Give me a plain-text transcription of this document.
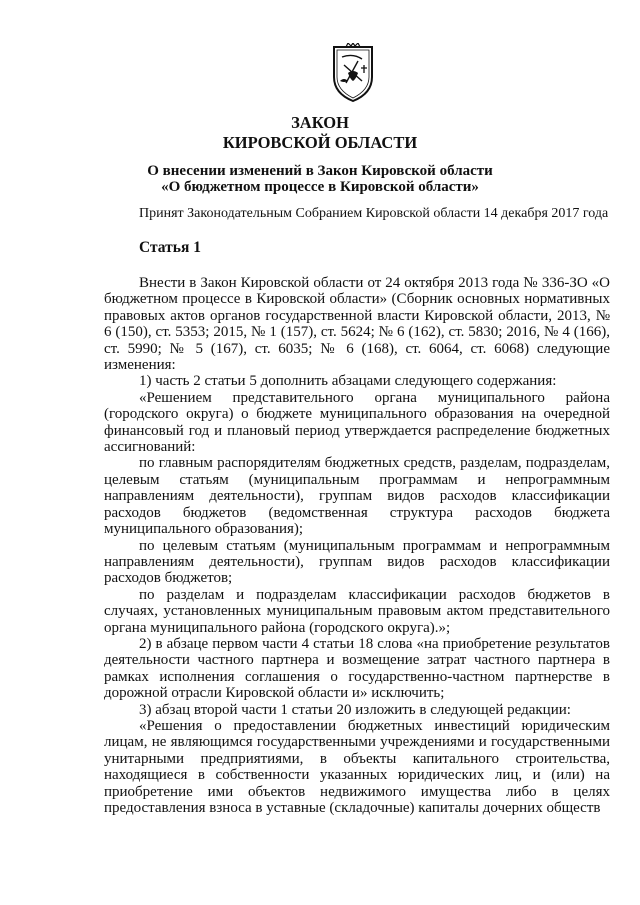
ЗАКОН
КИРОВСКОЙ ОБЛАСТИ
О внесении изменений в Закон Кировской области
«О бюджетном процессе в Кировской области»
Принят Законодательным Собранием Кировской области 14 декабря 2017 года
Статья 1

Внести в Закон Кировской области от 24 октября 2013 года № 336-ЗО «О бюджетном процессе в Кировской области» (Сборник основных нормативных правовых актов органов государственной власти Кировской области, 2013, № 6 (150), ст. 5353; 2015, № 1 (157), ст. 5624; № 6 (162), ст. 5830; 2016, № 4 (166), ст. 5990; № 5 (167), ст. 6035; № 6 (168), ст. 6064, ст. 6068) следующие изменения:

1) часть 2 статьи 5 дополнить абзацами следующего содержания:

«Решением представительного органа муниципального района (городского округа) о бюджете муниципального образования на очередной финансовый год и плановый период утверждается распределение бюджетных ассигнований:

по главным распорядителям бюджетных средств, разделам, подразделам, целевым статьям (муниципальным программам и непрограммным направлениям деятельности), группам видов расходов классификации расходов бюджетов (ведомственная структура расходов бюджета муниципального образования);

по целевым статьям (муниципальным программам и непрограммным направлениям деятельности), группам видов расходов классификации расходов бюджетов;

по разделам и подразделам классификации расходов бюджетов в случаях, установленных муниципальным правовым актом представительного органа муниципального района (городского округа).»;

2) в абзаце первом части 4 статьи 18 слова «на приобретение результатов деятельности частного партнера и возмещение затрат частного партнера в рамках исполнения соглашения о государственно-частном партнерстве в дорожной отрасли Кировской области и» исключить;

3) абзац второй части 1 статьи 20 изложить в следующей редакции:

«Решения о предоставлении бюджетных инвестиций юридическим лицам, не являющимся государственными учреждениями и государственными унитарными предприятиями, в объекты капитального строительства, находящиеся в собственности указанных юридических лиц, и (или) на приобретение ими объектов недвижимого имущества либо в целях предоставления взноса в уставные (складочные) капиталы дочерних обществ
